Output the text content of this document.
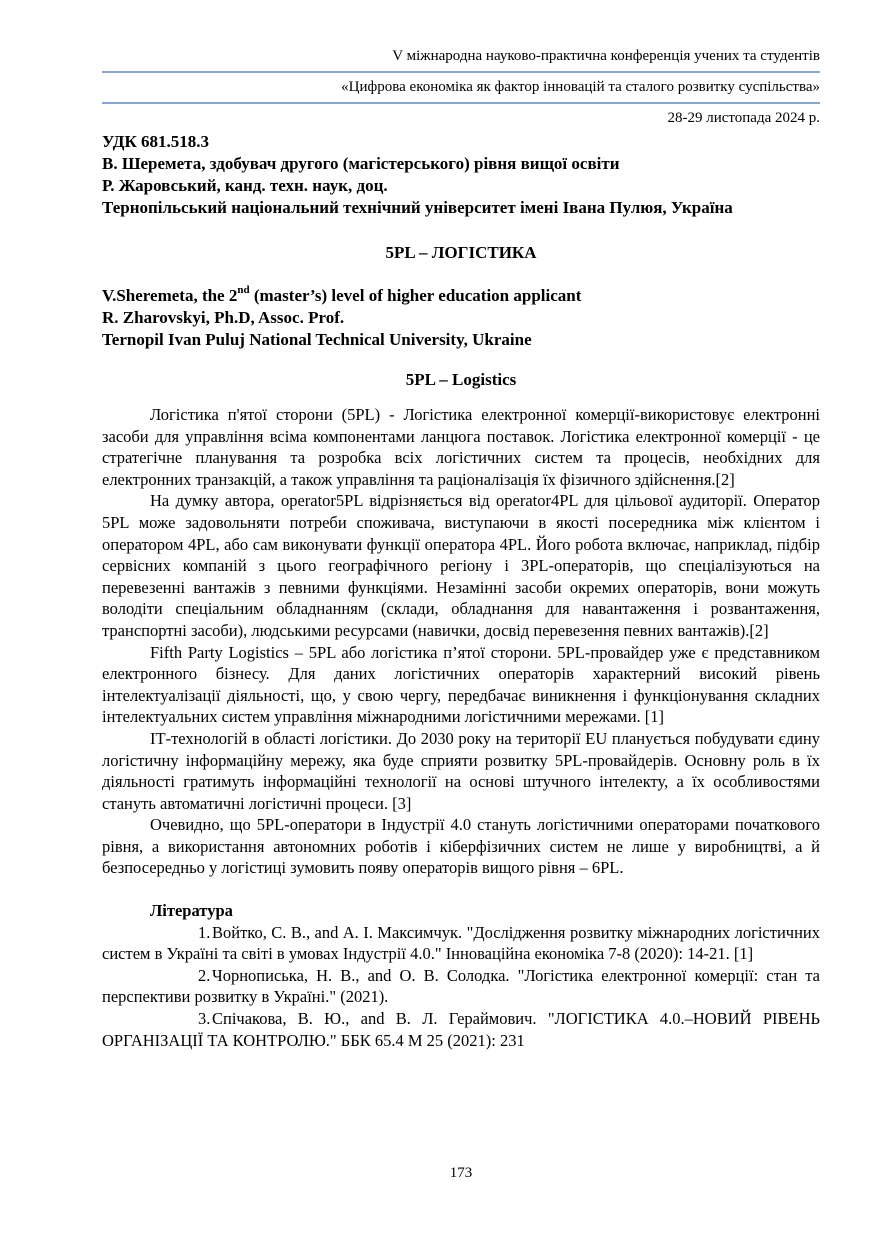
V міжнародна науково-практична конференція учених та студентів
«Цифрова економіка як фактор інновацій та сталого розвитку суспільства»
28-29 листопада 2024 р.
УДК 681.518.3
В. Шеремета, здобувач другого (магістерського) рівня вищої освіти
Р. Жаровський, канд. техн. наук, доц.
Тернопільський національний технічний університет імені Івана Пулюя, Україна
5PL – ЛОГІСТИКА
V.Sheremeta, the 2nd (master’s) level of higher education applicant
R. Zharovskyi, Ph.D, Assoc. Prof.
Ternopil Ivan Puluj National Technical University, Ukraine
5PL – Logistics

Логістика п'ятої сторони (5PL) - Логістика електронної комерції-використовує електронні засоби для управління всіма компонентами ланцюга поставок. Логістика електронної комерції - це стратегічне планування та розробка всіх логістичних систем та процесів, необхідних для електронних транзакцій, а також управління та раціоналізація їх фізичного здійснення.[2]

На думку автора, operator5PL відрізняється від operator4PL для цільової аудиторії. Оператор 5PL може задовольняти потреби споживача, виступаючи в якості посередника між клієнтом і оператором 4PL, або сам виконувати функції оператора 4PL. Його робота включає, наприклад, підбір сервісних компаній з цього географічного регіону і 3PL-операторів, що спеціалізуються на перевезенні вантажів з певними функціями. Незамінні засоби окремих операторів, вони можуть володіти спеціальним обладнанням (склади, обладнання для навантаження і розвантаження, транспортні засоби), людськими ресурсами (навички, досвід перевезення певних вантажів).[2]

Fifth Party Logistics – 5PL або логістика п’ятої сторони. 5PL-провайдер уже є представником електронного бізнесу. Для даних логістичних операторів характерний високий рівень інтелектуалізації діяльності, що, у свою чергу, передбачає виникнення і функціонування складних інтелектуальних систем управління міжнародними логістичними мережами. [1]

ІТ-технологій в області логістики. До 2030 року на території EU планується побудувати єдину логістичну інформаційну мережу, яка буде сприяти розвитку 5PL-провайдерів. Основну роль в їх діяльності гратимуть інформаційні технології на основі штучного інтелекту, а їх особливостями стануть автоматичні логістичні процеси. [3]

Очевидно, що 5PL-оператори в Індустрії 4.0 стануть логістичними операторами початкового рівня, а використання автономних роботів і кіберфізичних систем не лише у виробництві, а й безпосередньо у логістиці зумовить появу операторів вищого рівня – 6PL.

Література

1.Войтко, С. В., and А. І. Максимчук. "Дослідження розвитку міжнародних логістичних систем в Україні та світі в умовах Індустрії 4.0." Інноваційна економіка 7-8 (2020): 14-21. [1]

2.Чорнописька, Н. В., and О. В. Солодка. "Логістика електронної комерції: стан та перспективи розвитку в Україні." (2021).

3.Спічакова, В. Ю., and В. Л. Гераймович. "ЛОГІСТИКА 4.0.–НОВИЙ РІВЕНЬ ОРГАНІЗАЦІЇ ТА КОНТРОЛЮ." ББК 65.4 М 25 (2021): 231

173
